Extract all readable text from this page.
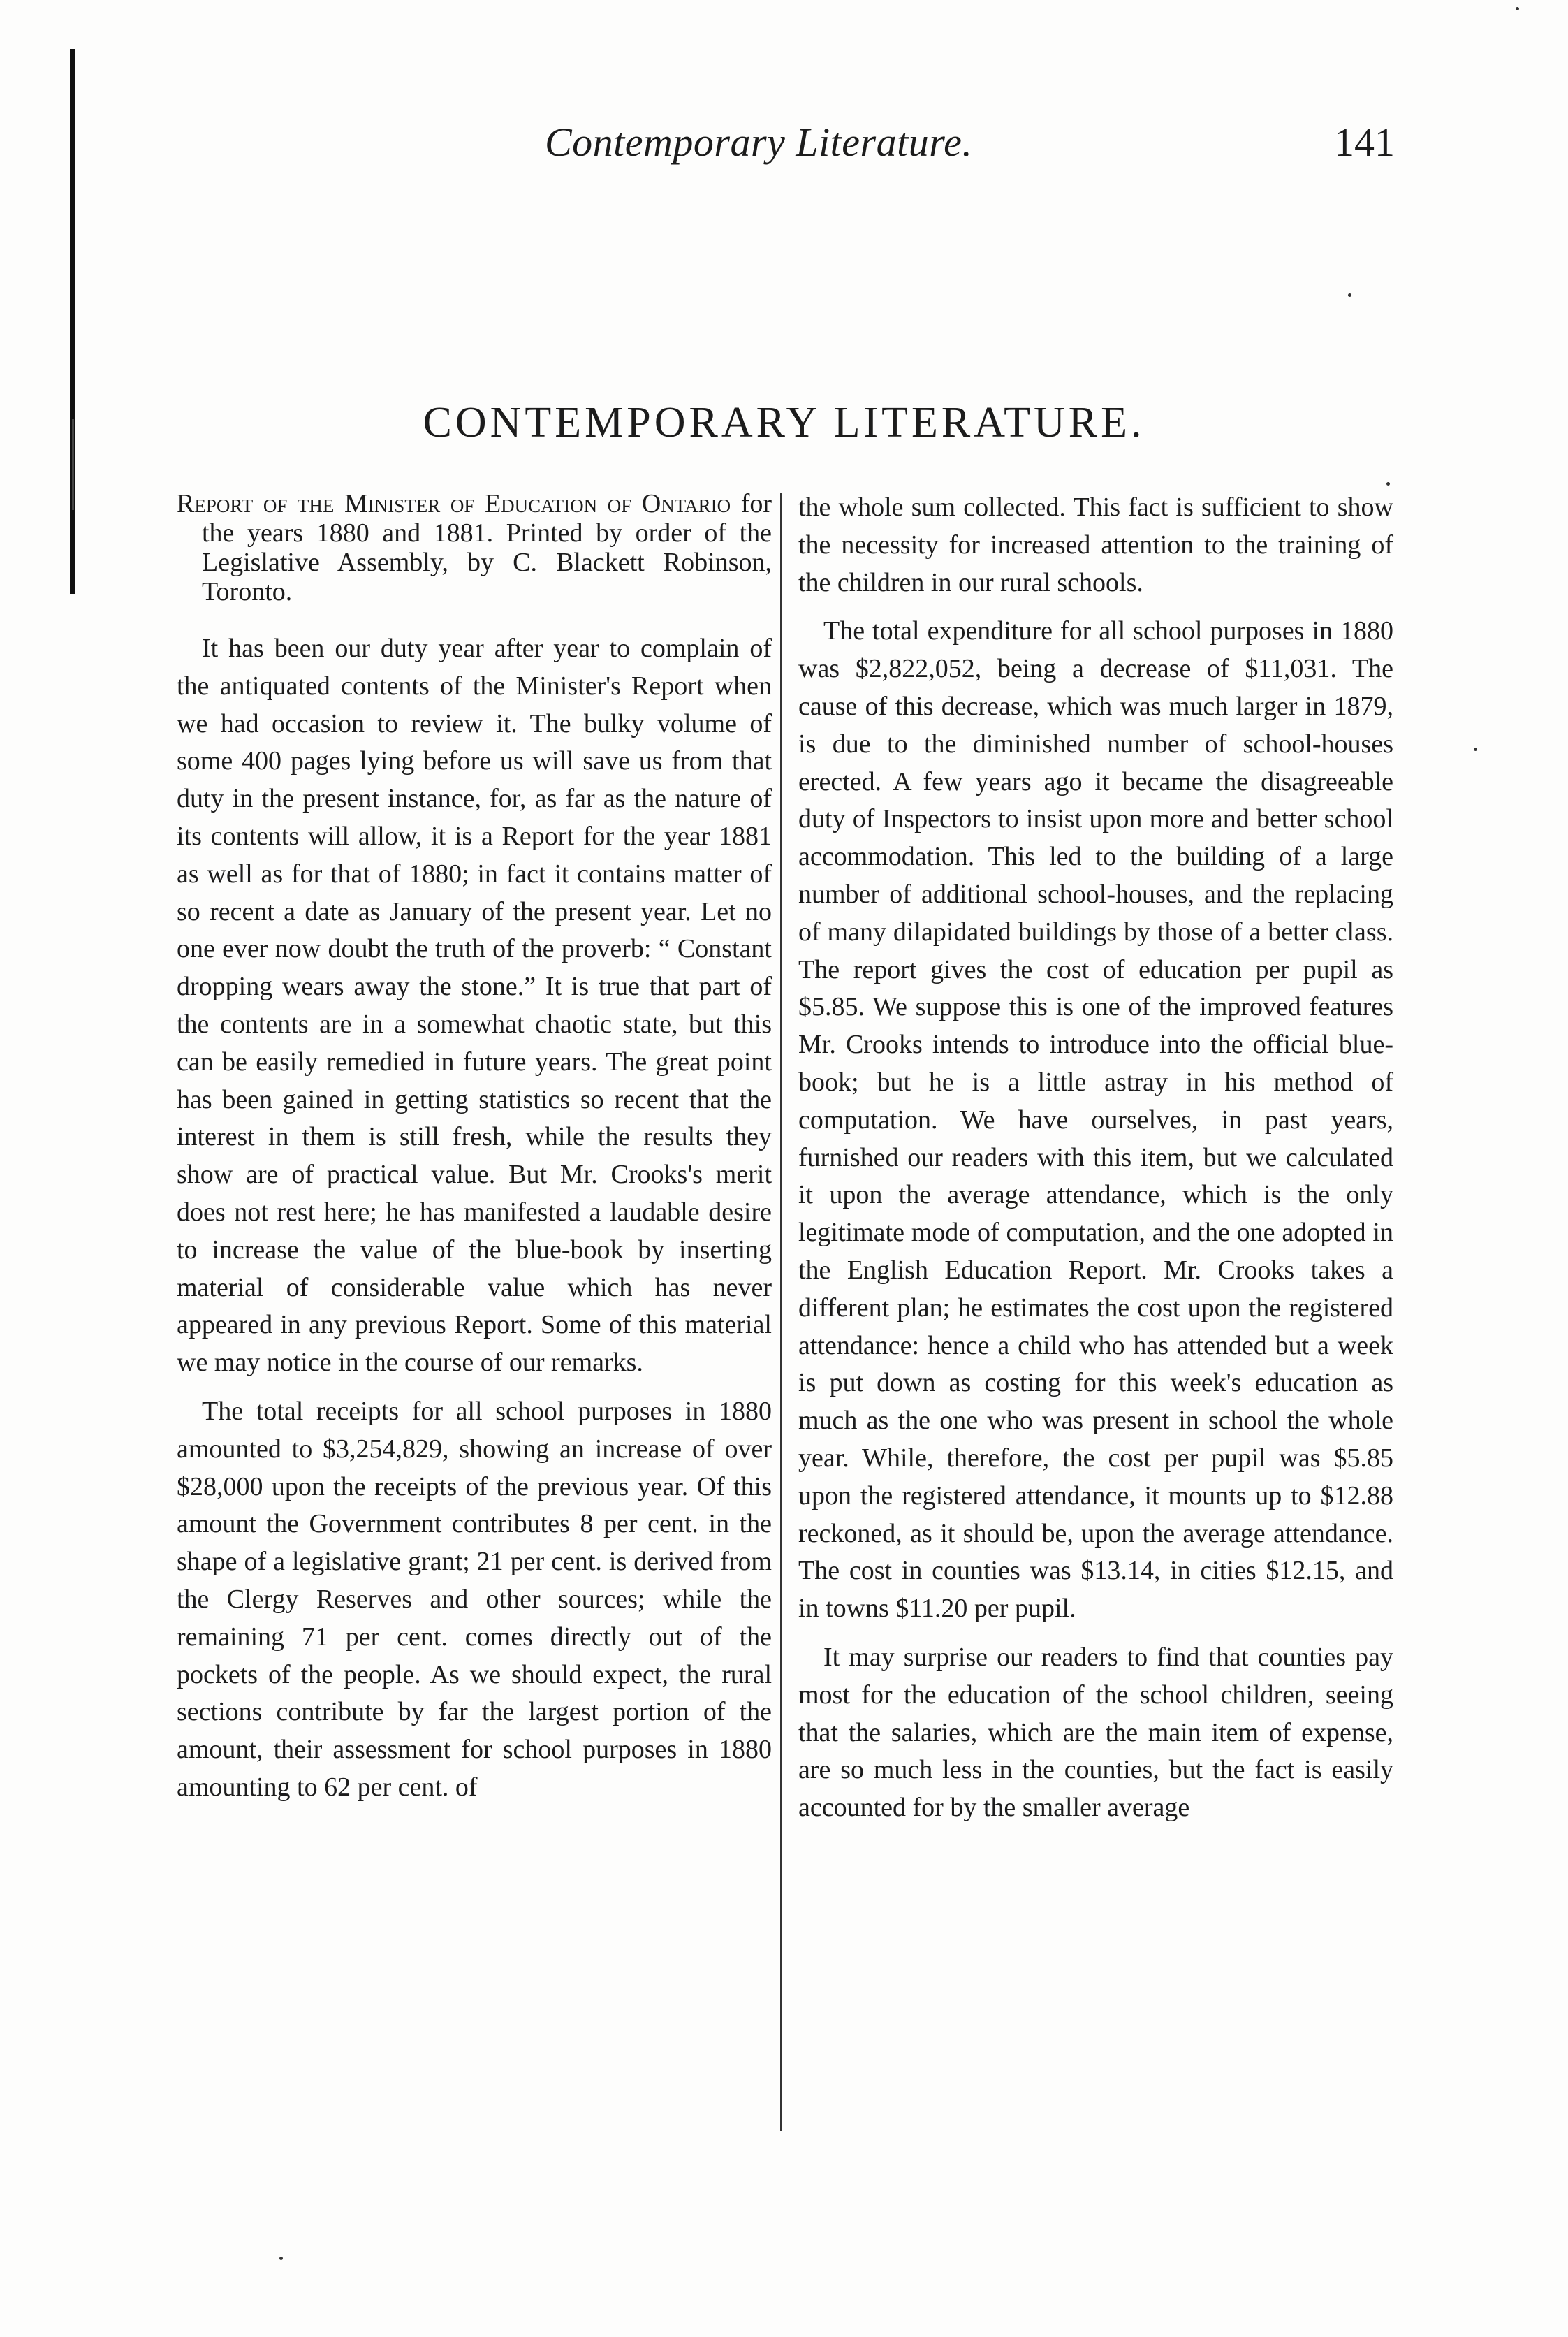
Contemporary Literature.	141
CONTEMPORARY LITERATURE.

Report of the Minister of Education of Ontario for the years 1880 and 1881. Printed by order of the Legislative Assembly, by C. Blackett Robinson, Toronto.

It has been our duty year after year to complain of the antiquated contents of the Minister's Report when we had occasion to review it. The bulky volume of some 400 pages lying before us will save us from that duty in the present instance, for, as far as the nature of its contents will allow, it is a Report for the year 1881 as well as for that of 1880; in fact it contains matter of so recent a date as January of the present year. Let no one ever now doubt the truth of the proverb: “ Constant dropping wears away the stone.” It is true that part of the contents are in a somewhat chaotic state, but this can be easily remedied in future years. The great point has been gained in getting statistics so recent that the interest in them is still fresh, while the results they show are of practical value. But Mr. Crooks's merit does not rest here; he has manifested a laudable desire to increase the value of the blue-book by inserting material of considerable value which has never appeared in any previous Report. Some of this material we may notice in the course of our remarks.

The total receipts for all school purposes in 1880 amounted to $3,254,829, showing an increase of over $28,000 upon the receipts of the previous year. Of this amount the Government contributes 8 per cent. in the shape of a legislative grant; 21 per cent. is derived from the Clergy Reserves and other sources; while the remaining 71 per cent. comes directly out of the pockets of the people. As we should expect, the rural sections contribute by far the largest portion of the amount, their assessment for school purposes in 1880 amounting to 62 per cent. of

the whole sum collected. This fact is sufficient to show the necessity for increased attention to the training of the children in our rural schools.

The total expenditure for all school purposes in 1880 was $2,822,052, being a decrease of $11,031. The cause of this decrease, which was much larger in 1879, is due to the diminished number of school-houses erected. A few years ago it became the disagreeable duty of Inspectors to insist upon more and better school accommodation. This led to the building of a large number of additional school-houses, and the replacing of many dilapidated buildings by those of a better class. The report gives the cost of education per pupil as $5.85. We suppose this is one of the improved features Mr. Crooks intends to introduce into the official blue-book; but he is a little astray in his method of computation. We have ourselves, in past years, furnished our readers with this item, but we calculated it upon the average attendance, which is the only legitimate mode of computation, and the one adopted in the English Education Report. Mr. Crooks takes a different plan; he estimates the cost upon the registered attendance: hence a child who has attended but a week is put down as costing for this week's education as much as the one who was present in school the whole year. While, therefore, the cost per pupil was $5.85 upon the registered attendance, it mounts up to $12.88 reckoned, as it should be, upon the average attendance. The cost in counties was $13.14, in cities $12.15, and in towns $11.20 per pupil.

It may surprise our readers to find that counties pay most for the education of the school children, seeing that the salaries, which are the main item of expense, are so much less in the counties, but the fact is easily accounted for by the smaller average
